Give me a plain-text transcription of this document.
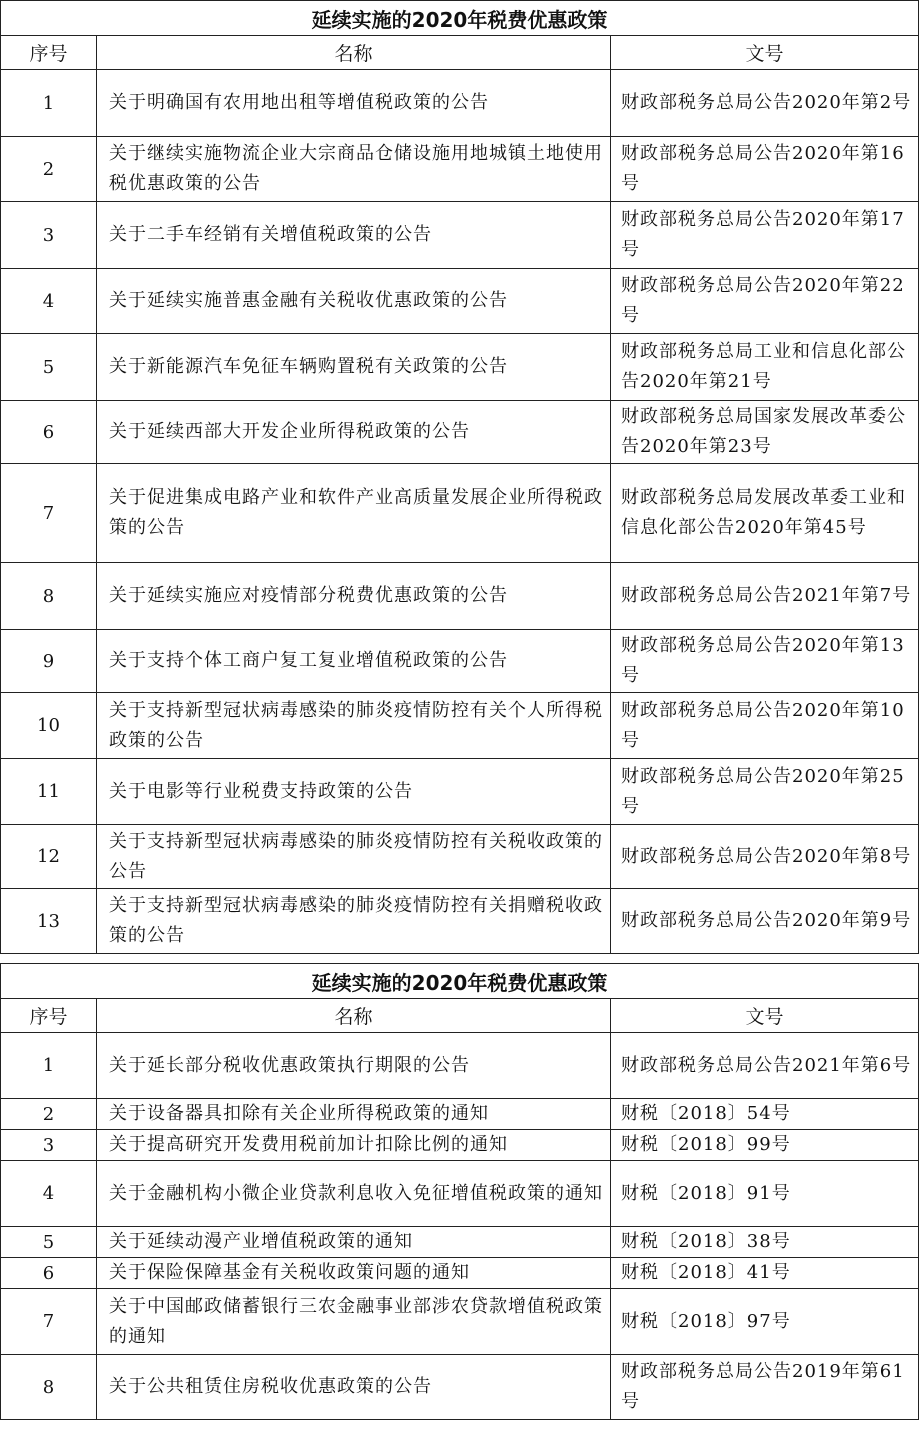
延续实施的2020年税费优惠政策		
序号	名称	文号
1	关于明确国有农用地出租等增值税政策的公告	财政部税务总局公告2020年第2号
2	关于继续实施物流企业大宗商品仓储设施用地城镇土地使用税优惠政策的公告	财政部税务总局公告2020年第16号
3	关于二手车经销有关增值税政策的公告	财政部税务总局公告2020年第17号
4	关于延续实施普惠金融有关税收优惠政策的公告	财政部税务总局公告2020年第22号
5	关于新能源汽车免征车辆购置税有关政策的公告	财政部税务总局工业和信息化部公告2020年第21号
6	关于延续西部大开发企业所得税政策的公告	财政部税务总局国家发展改革委公告2020年第23号
7	关于促进集成电路产业和软件产业高质量发展企业所得税政策的公告	财政部税务总局发展改革委工业和信息化部公告2020年第45号
8	关于延续实施应对疫情部分税费优惠政策的公告	财政部税务总局公告2021年第7号
9	关于支持个体工商户复工复业增值税政策的公告	财政部税务总局公告2020年第13号
10	关于支持新型冠状病毒感染的肺炎疫情防控有关个人所得税政策的公告	财政部税务总局公告2020年第10号
11	关于电影等行业税费支持政策的公告	财政部税务总局公告2020年第25号
12	关于支持新型冠状病毒感染的肺炎疫情防控有关税收政策的公告	财政部税务总局公告2020年第8号
13	关于支持新型冠状病毒感染的肺炎疫情防控有关捐赠税收政策的公告	财政部税务总局公告2020年第9号
延续实施的2020年税费优惠政策		
序号	名称	文号
1	关于延长部分税收优惠政策执行期限的公告	财政部税务总局公告2021年第6号
2	关于设备器具扣除有关企业所得税政策的通知	财税〔2018〕54号
3	关于提高研究开发费用税前加计扣除比例的通知	财税〔2018〕99号
4	关于金融机构小微企业贷款利息收入免征增值税政策的通知	财税〔2018〕91号
5	关于延续动漫产业增值税政策的通知	财税〔2018〕38号
6	关于保险保障基金有关税收政策问题的通知	财税〔2018〕41号
7	关于中国邮政储蓄银行三农金融事业部涉农贷款增值税政策的通知	财税〔2018〕97号
8	关于公共租赁住房税收优惠政策的公告	财政部税务总局公告2019年第61号
